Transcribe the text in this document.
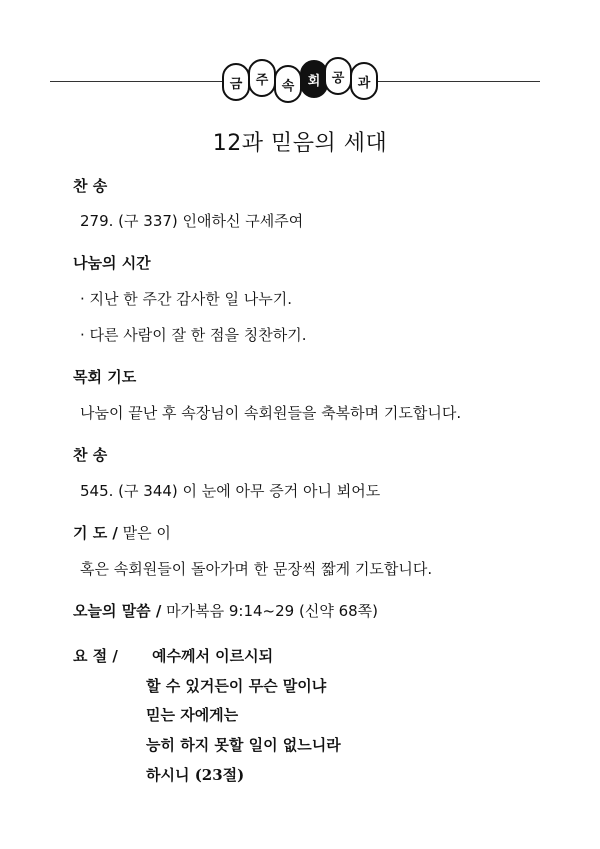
금	주	속	회 공	과
12과 믿음의 세대
찬 송
279. (구 337) 인애하신 구세주여
나눔의 시간
· 지난 한 주간 감사한 일 나누기.
· 다른 사람이 잘 한 점을 칭찬하기.
목회 기도
나눔이 끝난 후 속장님이 속회원들을 축복하며 기도합니다.
찬 송
545. (구 344) 이 눈에 아무 증거 아니 뵈어도
기 도 / 맡은 이
혹은 속회원들이 돌아가며 한 문장씩 짧게 기도합니다.
오늘의 말씀 / 마가복음 9:14~29 (신약 68쪽)
요 절 / 예수께서 이르시되
할 수 있거든이 무슨 말이냐
믿는 자에게는
능히 하지 못할 일이 없느니라
하시니 (23절)
